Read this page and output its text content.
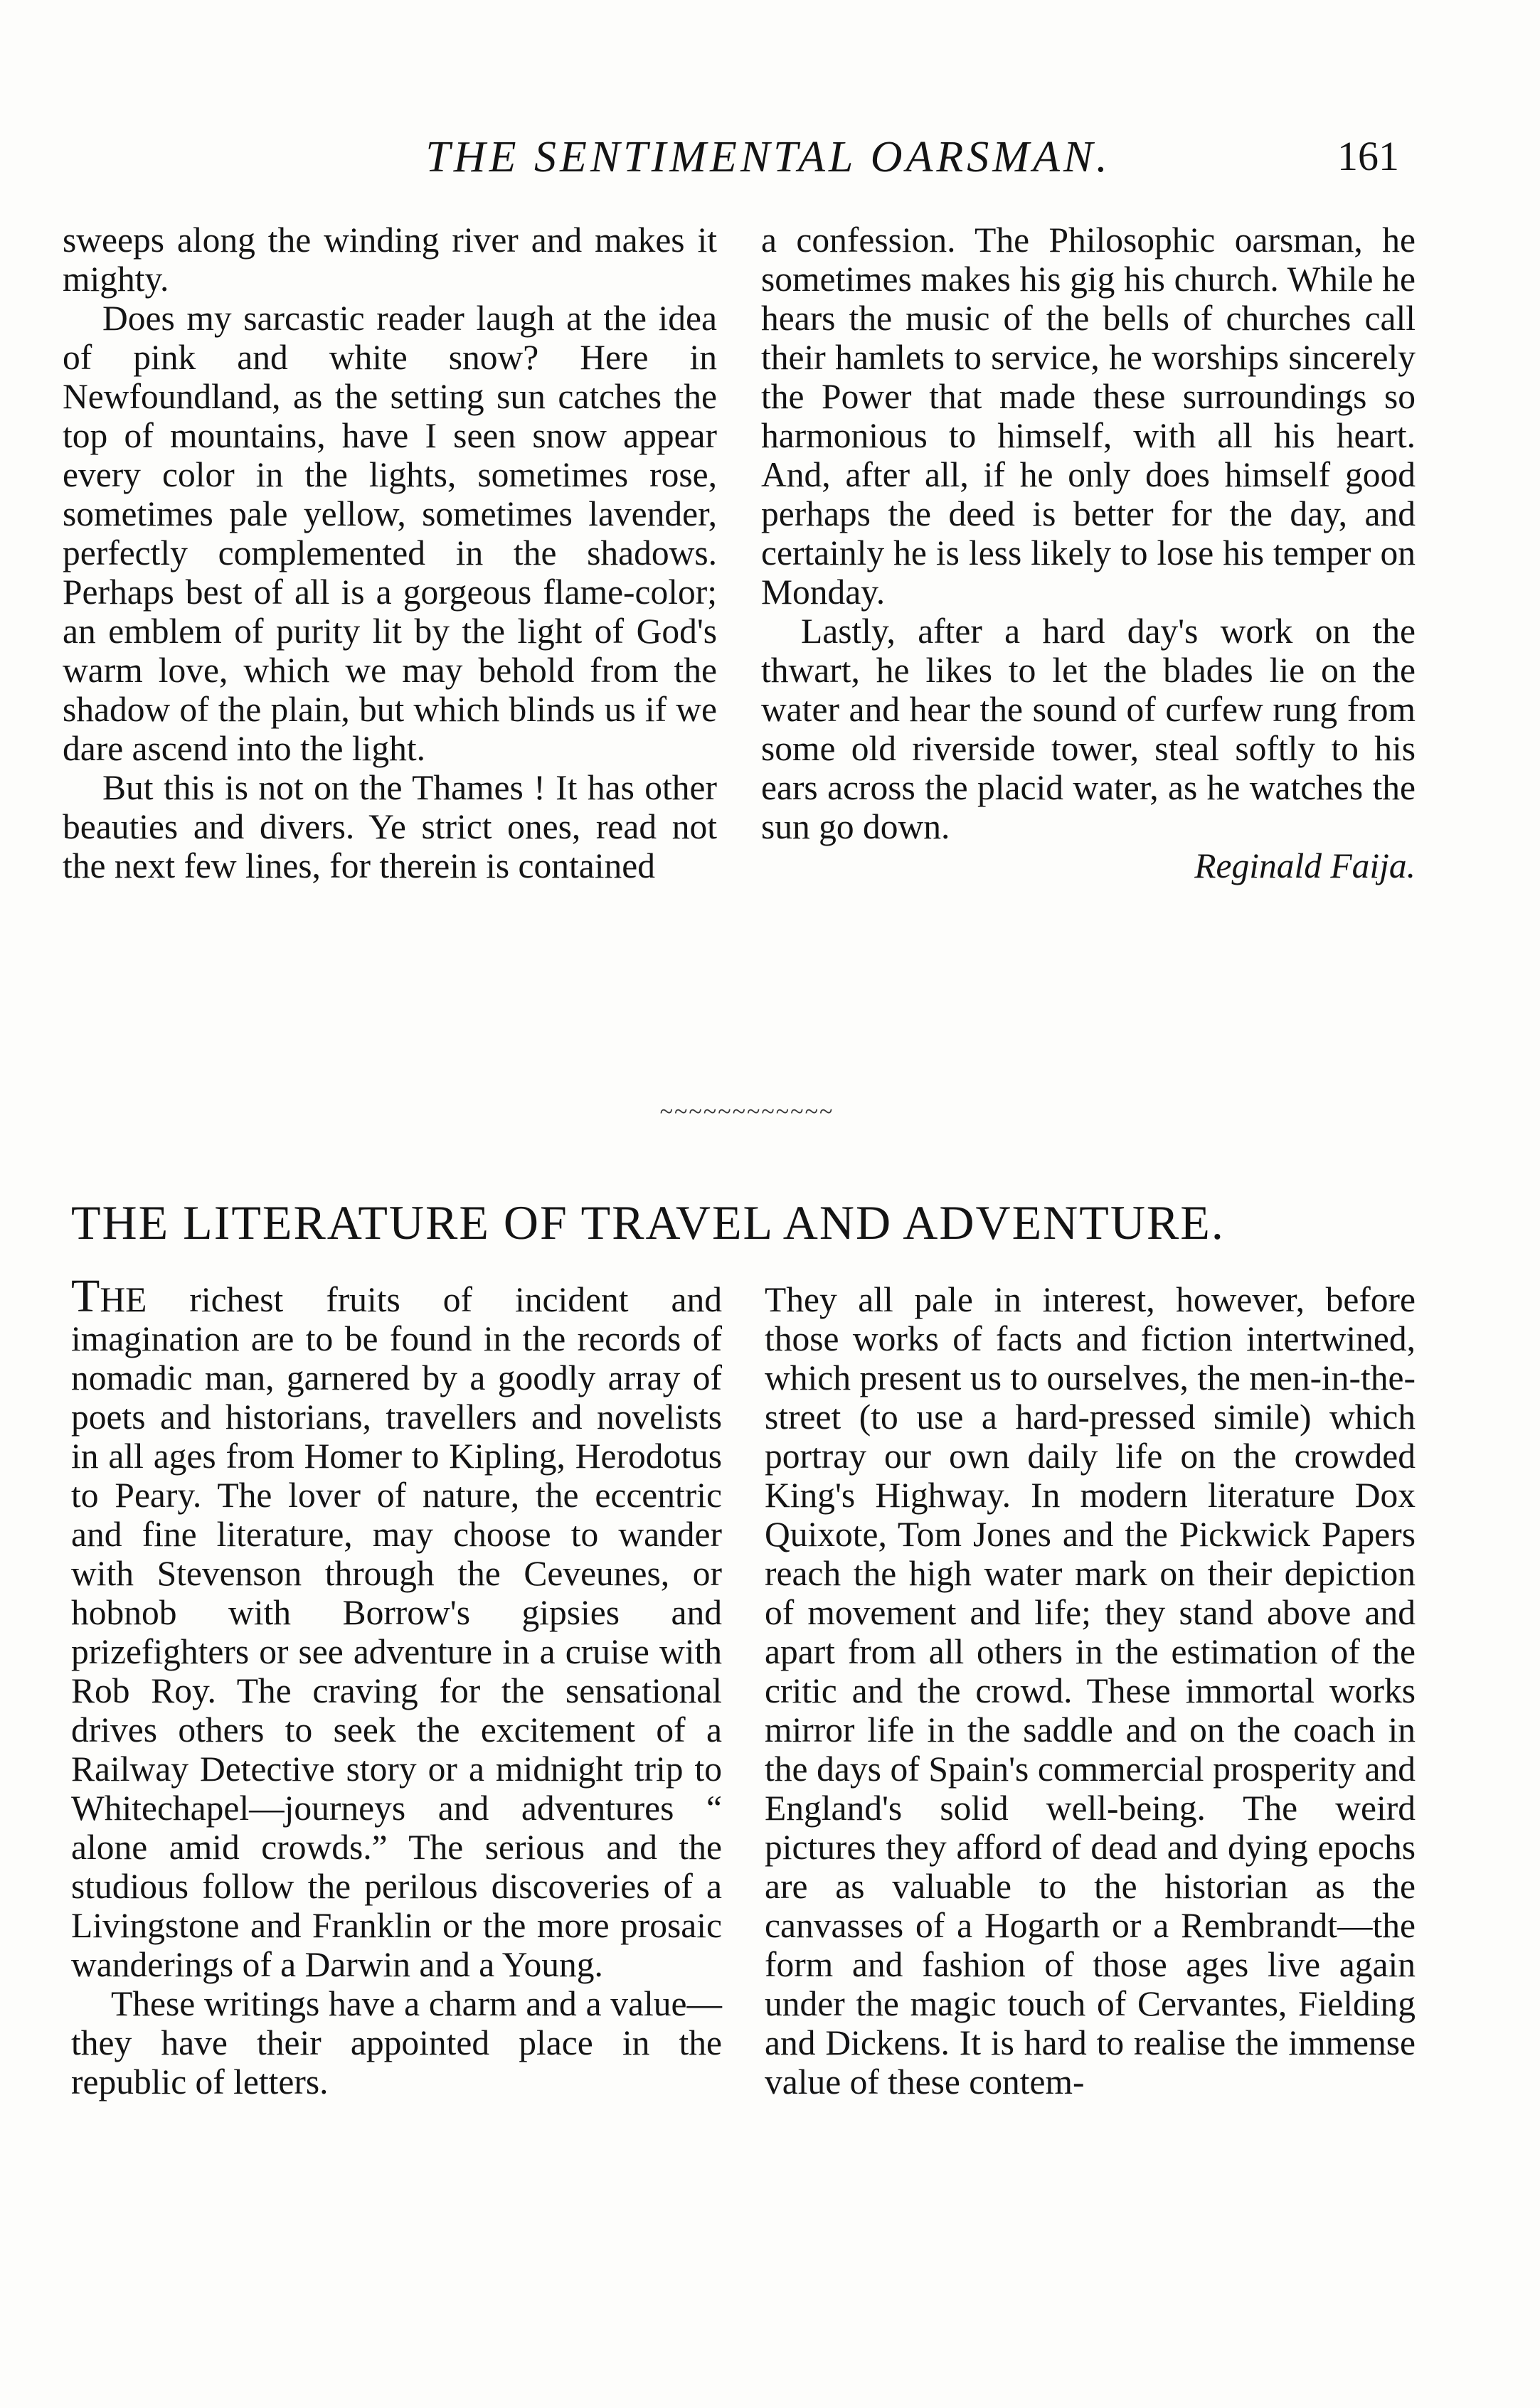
THE SENTIMENTAL OARSMAN.	161

sweeps along the winding river and makes it mighty.

Does my sarcastic reader laugh at the idea of pink and white snow? Here in Newfoundland, as the setting sun catches the top of mountains, have I seen snow appear every color in the lights, sometimes rose, sometimes pale yellow, sometimes lavender, perfectly complemented in the shadows. Perhaps best of all is a gorgeous flame-color; an emblem of purity lit by the light of God's warm love, which we may behold from the shadow of the plain, but which blinds us if we dare ascend into the light.

But this is not on the Thames ! It has other beauties and divers. Ye strict ones, read not the next few lines, for therein is contained

a confession. The Philosophic oarsman, he sometimes makes his gig his church. While he hears the music of the bells of churches call their hamlets to service, he worships sincerely the Power that made these surroundings so harmonious to himself, with all his heart. And, after all, if he only does himself good perhaps the deed is better for the day, and certainly he is less likely to lose his temper on Monday.

Lastly, after a hard day's work on the thwart, he likes to let the blades lie on the water and hear the sound of curfew rung from some old riverside tower, steal softly to his ears across the placid water, as he watches the sun go down.

Reginald Faija.

~~~~~~~~~~~~
THE LITERATURE OF TRAVEL AND ADVENTURE.

THE richest fruits of incident and imagination are to be found in the records of nomadic man, garnered by a goodly array of poets and historians, travellers and novelists in all ages from Homer to Kipling, Herodotus to Peary. The lover of nature, the eccentric and fine literature, may choose to wander with Stevenson through the Ceveunes, or hobnob with Borrow's gipsies and prizefighters or see adventure in a cruise with Rob Roy. The craving for the sensational drives others to seek the excitement of a Railway Detective story or a midnight trip to Whitechapel—journeys and adventures “ alone amid crowds.” The serious and the studious follow the perilous discoveries of a Livingstone and Franklin or the more prosaic wanderings of a Darwin and a Young.

These writings have a charm and a value—they have their appointed place in the republic of letters.

They all pale in interest, however, before those works of facts and fiction intertwined, which present us to ourselves, the men-in-the-street (to use a hard-pressed simile) which portray our own daily life on the crowded King's Highway. In modern literature Dox Quixote, Tom Jones and the Pickwick Papers reach the high water mark on their depiction of movement and life; they stand above and apart from all others in the estimation of the critic and the crowd. These immortal works mirror life in the saddle and on the coach in the days of Spain's commercial prosperity and England's solid well-being. The weird pictures they afford of dead and dying epochs are as valuable to the historian as the canvasses of a Hogarth or a Rembrandt—the form and fashion of those ages live again under the magic touch of Cervantes, Fielding and Dickens. It is hard to realise the immense value of these contem-
